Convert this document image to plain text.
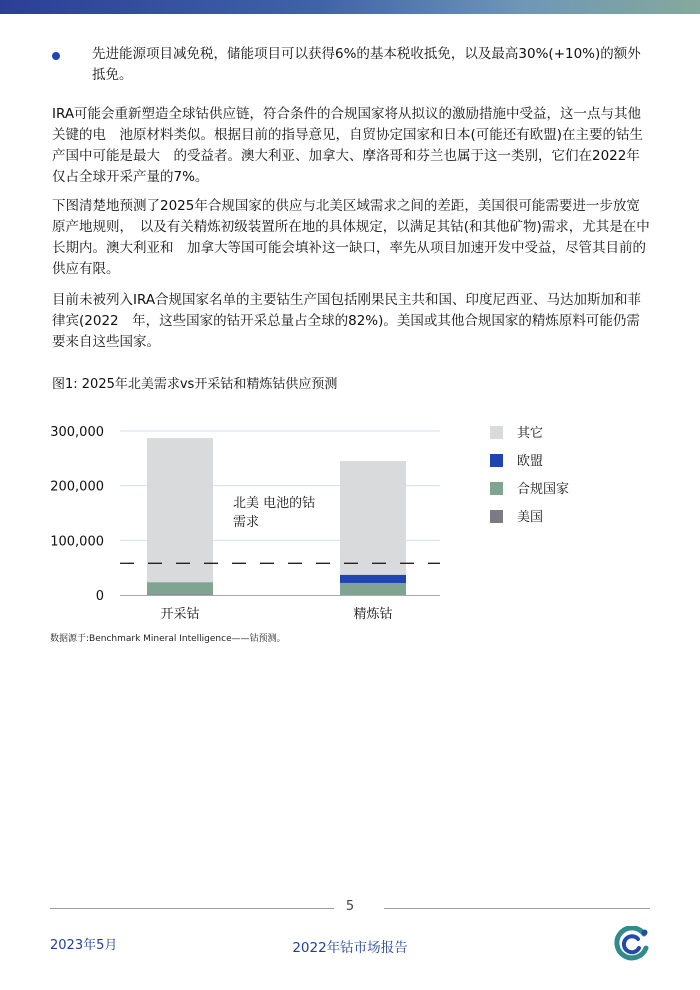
先进能源项目减免税，储能项目可以获得6%的基本税收抵免，以及最高30%(+10%)的额外抵免。

IRA可能会重新塑造全球钴供应链，符合条件的合规国家将从拟议的激励措施中受益，这一点与其他关键的电　池原材料类似。根据目前的指导意见，自贸协定国家和日本(可能还有欧盟)在主要的钴生产国中可能是最大　的受益者。澳大利亚、加拿大、摩洛哥和芬兰也属于这一类别，它们在2022年仅占全球开采产量的7%。

下图清楚地预测了2025年合规国家的供应与北美区域需求之间的差距，美国很可能需要进一步放宽原产地规则，　以及有关精炼初级装置所在地的具体规定，以满足其钴(和其他矿物)需求，尤其是在中长期内。澳大利亚和　加拿大等国可能会填补这一缺口，率先从项目加速开发中受益，尽管其目前的供应有限。

目前未被列入IRA合规国家名单的主要钴生产国包括刚果民主共和国、印度尼西亚、马达加斯加和菲律宾(2022　年，这些国家的钴开采总量占全球的82%)。美国或其他合规国家的精炼原料可能仍需要来自这些国家。

图1: 2025年北美需求vs开采钴和精炼钴供应预测
0
100,000
200,000
300,000
开采钴	精炼钴
北美 电池的钴需求
其它
欧盟
合规国家
美国
数据源于:Benchmark Mineral Intelligence——钴预测。
5
2023年5月	2022年钴市场报告
